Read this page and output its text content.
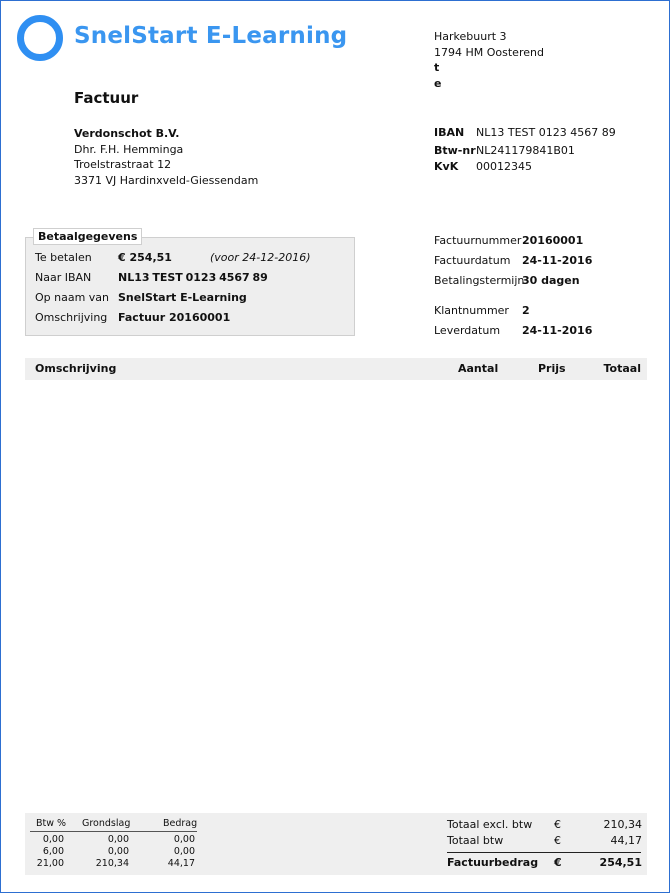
SnelStart E-Learning	Harkebuurt 3
1794 HM Oosterend
t
e
Factuur
Verdonschot B.V.
Dhr. F.H. Hemminga
Troelstrastraat 12
3371 VJ Hardinxveld-Giessendam
IBAN NL13 TEST 0123 4567 89
Btw-nr NL241179841B01
KvK 00012345
Betaalgegevens
Te betalen € 254,51	(voor 24-12-2016)
Naar IBAN NL13 TEST 0123 4567 89
Op naam van SnelStart E-Learning
Omschrijving Factuur 20160001
Factuurnummer 20160001
Factuurdatum 24-11-2016
Betalingstermijn
30 dagen
Klantnummer 2
Leverdatum 24-11-2016
Omschrijving	Aantal	Prijs	Totaal
Btw % Grondslag	Bedrag
0,00	0,00	0,00
6,00	0,00	0,00
21,00	210,34	44,17
Totaal excl. btw €	210,34
Totaal btw	€	44,17
Factuurbedrag €	254,51
